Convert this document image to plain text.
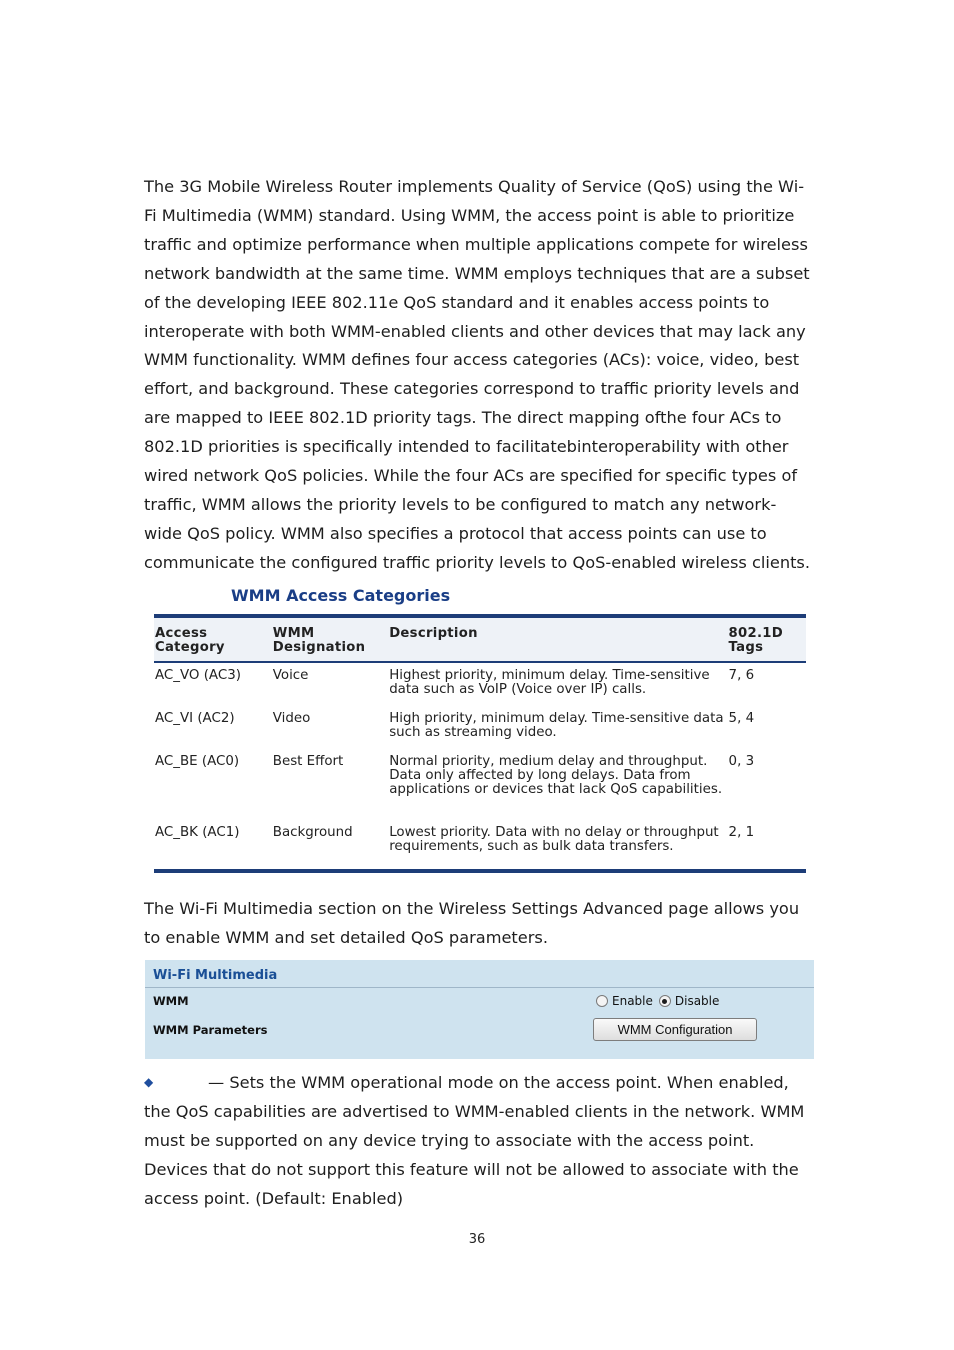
The 3G Mobile Wireless Router implements Quality of Service (QoS) using the Wi-Fi Multimedia (WMM) standard. Using WMM, the access point is able to prioritize traffic and optimize performance when multiple applications compete for wireless network bandwidth at the same time. WMM employs techniques that are a subset of the developing IEEE 802.11e QoS standard and it enables access points to interoperate with both WMM-enabled clients and other devices that may lack any WMM functionality. WMM defines four access categories (ACs): voice, video, best effort, and background. These categories correspond to traffic priority levels and are mapped to IEEE 802.1D priority tags. The direct mapping ofthe four ACs to 802.1D priorities is specifically intended to facilitatebinteroperability with other wired network QoS policies. While the four ACs are specified for specific types of traffic, WMM allows the priority levels to be configured to match any network-wide QoS policy. WMM also specifies a protocol that access points can use to communicate the configured traffic priority levels to QoS-enabled wireless clients.

WMM Access Categories

Access Category	WMM Designation	Description	802.1D Tags
AC_VO (AC3)	Voice	Highest priority, minimum delay. Time-sensitive data such as VoIP (Voice over IP) calls.	7, 6
AC_VI (AC2)	Video	High priority, minimum delay. Time-sensitive data such as streaming video.	5, 4
AC_BE (AC0)	Best Effort	Normal priority, medium delay and throughput. Data only affected by long delays. Data from applications or devices that lack QoS capabilities.	0, 3
AC_BK (AC1)	Background	Lowest priority. Data with no delay or throughput requirements, such as bulk data transfers.	2, 1

The Wi-Fi Multimedia section on the Wireless Settings Advanced page allows you to enable WMM and set detailed QoS parameters.

Wi-Fi Multimedia
WMM	Enable Disable
WMM Parameters	WMM Configuration

◆	— Sets the WMM operational mode on the access point. When enabled, the QoS capabilities are advertised to WMM-enabled clients in the network. WMM must be supported on any device trying to associate with the access point. Devices that do not support this feature will not be allowed to associate with the access point. (Default: Enabled)

36
